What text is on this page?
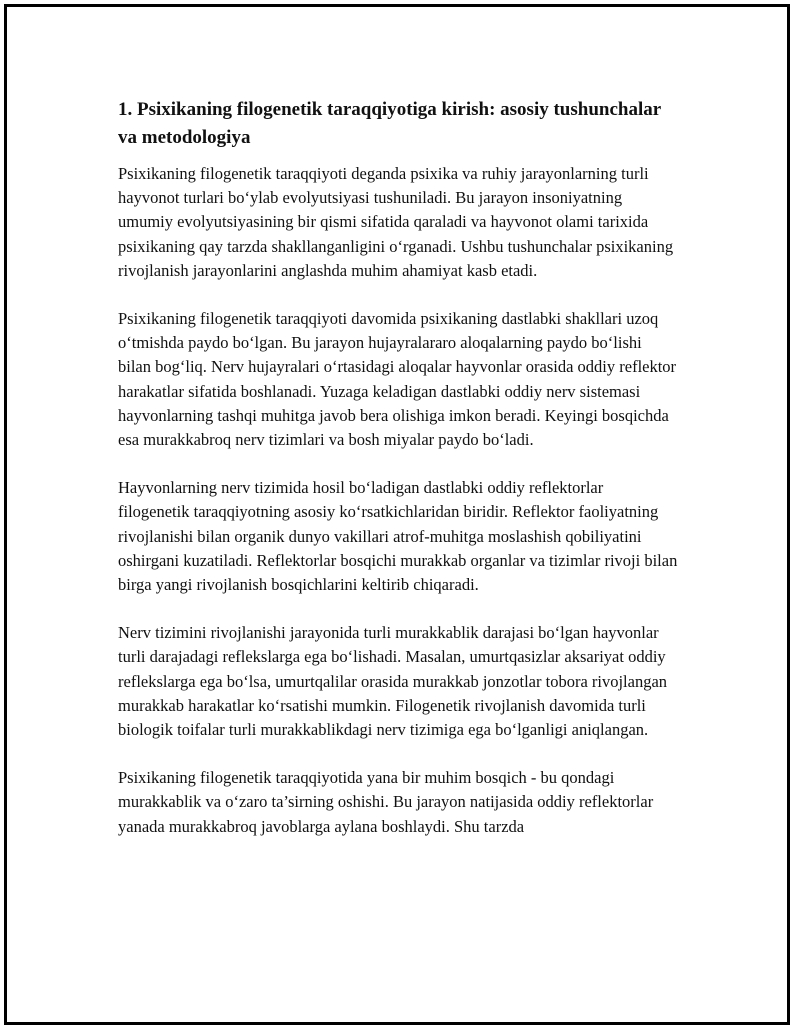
1. Psixikaning filogenetik taraqqiyotiga kirish: asosiy tushunchalar va metodologiya

Psixikaning filogenetik taraqqiyoti deganda psixika va ruhiy jarayonlarning turli hayvonot turlari bo‘ylab evolyutsiyasi tushuniladi. Bu jarayon insoniyatning umumiy evolyutsiyasining bir qismi sifatida qaraladi va hayvonot olami tarixida psixikaning qay tarzda shakllanganligini o‘rganadi. Ushbu tushunchalar psixikaning rivojlanish jarayonlarini anglashda muhim ahamiyat kasb etadi.

Psixikaning filogenetik taraqqiyoti davomida psixikaning dastlabki shakllari uzoq o‘tmishda paydo bo‘lgan. Bu jarayon hujayralararo aloqalarning paydo bo‘lishi bilan bog‘liq. Nerv hujayralari o‘rtasidagi aloqalar hayvonlar orasida oddiy reflektor harakatlar sifatida boshlanadi. Yuzaga keladigan dastlabki oddiy nerv sistemasi hayvonlarning tashqi muhitga javob bera olishiga imkon beradi. Keyingi bosqichda esa murakkabroq nerv tizimlari va bosh miyalar paydo bo‘ladi.

Hayvonlarning nerv tizimida hosil bo‘ladigan dastlabki oddiy reflektorlar filogenetik taraqqiyotning asosiy ko‘rsatkichlaridan biridir. Reflektor faoliyatning rivojlanishi bilan organik dunyo vakillari atrof-muhitga moslashish qobiliyatini oshirgani kuzatiladi. Reflektorlar bosqichi murakkab organlar va tizimlar rivoji bilan birga yangi rivojlanish bosqichlarini keltirib chiqaradi.

Nerv tizimini rivojlanishi jarayonida turli murakkablik darajasi bo‘lgan hayvonlar turli darajadagi reflekslarga ega bo‘lishadi. Masalan, umurtqasizlar aksariyat oddiy reflekslarga ega bo‘lsa, umurtqalilar orasida murakkab jonzotlar tobora rivojlangan murakkab harakatlar ko‘rsatishi mumkin. Filogenetik rivojlanish davomida turli biologik toifalar turli murakkablikdagi nerv tizimiga ega bo‘lganligi aniqlangan.

Psixikaning filogenetik taraqqiyotida yana bir muhim bosqich - bu qondagi murakkablik va o‘zaro ta’sirning oshishi. Bu jarayon natijasida oddiy reflektorlar yanada murakkabroq javoblarga aylana boshlaydi. Shu tarzda
